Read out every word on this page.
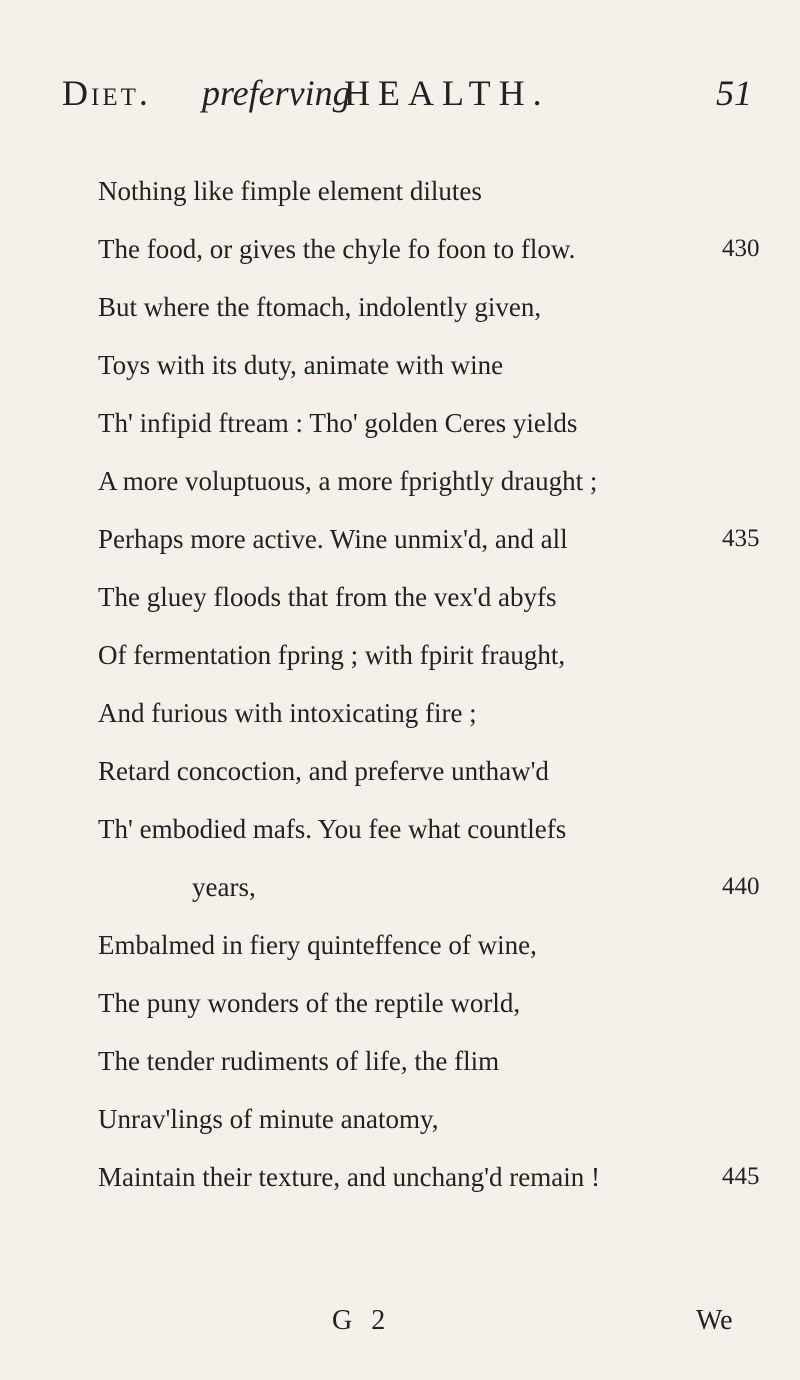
Diet. preferving
HEALTH.	51
Nothing like fimple element dilutes
The food, or gives the chyle fo foon to flow.	430
But where the ftomach, indolently given,
Toys with its duty, animate with wine
Th' infipid ftream : Tho' golden Ceres yields
A more voluptuous, a more fprightly draught ;
Perhaps more active. Wine unmix'd, and all	435
The gluey floods that from the vex'd abyfs
Of fermentation fpring ; with fpirit fraught,
And furious with intoxicating fire ;
Retard concoction, and preferve unthaw'd
Th' embodied mafs. You fee what countlefs
years,	440
Embalmed in fiery quinteffence of wine,
The puny wonders of the reptile world,
The tender rudiments of life, the flim
Unrav'lings of minute anatomy,
Maintain their texture, and unchang'd remain !	445
G 2	We
